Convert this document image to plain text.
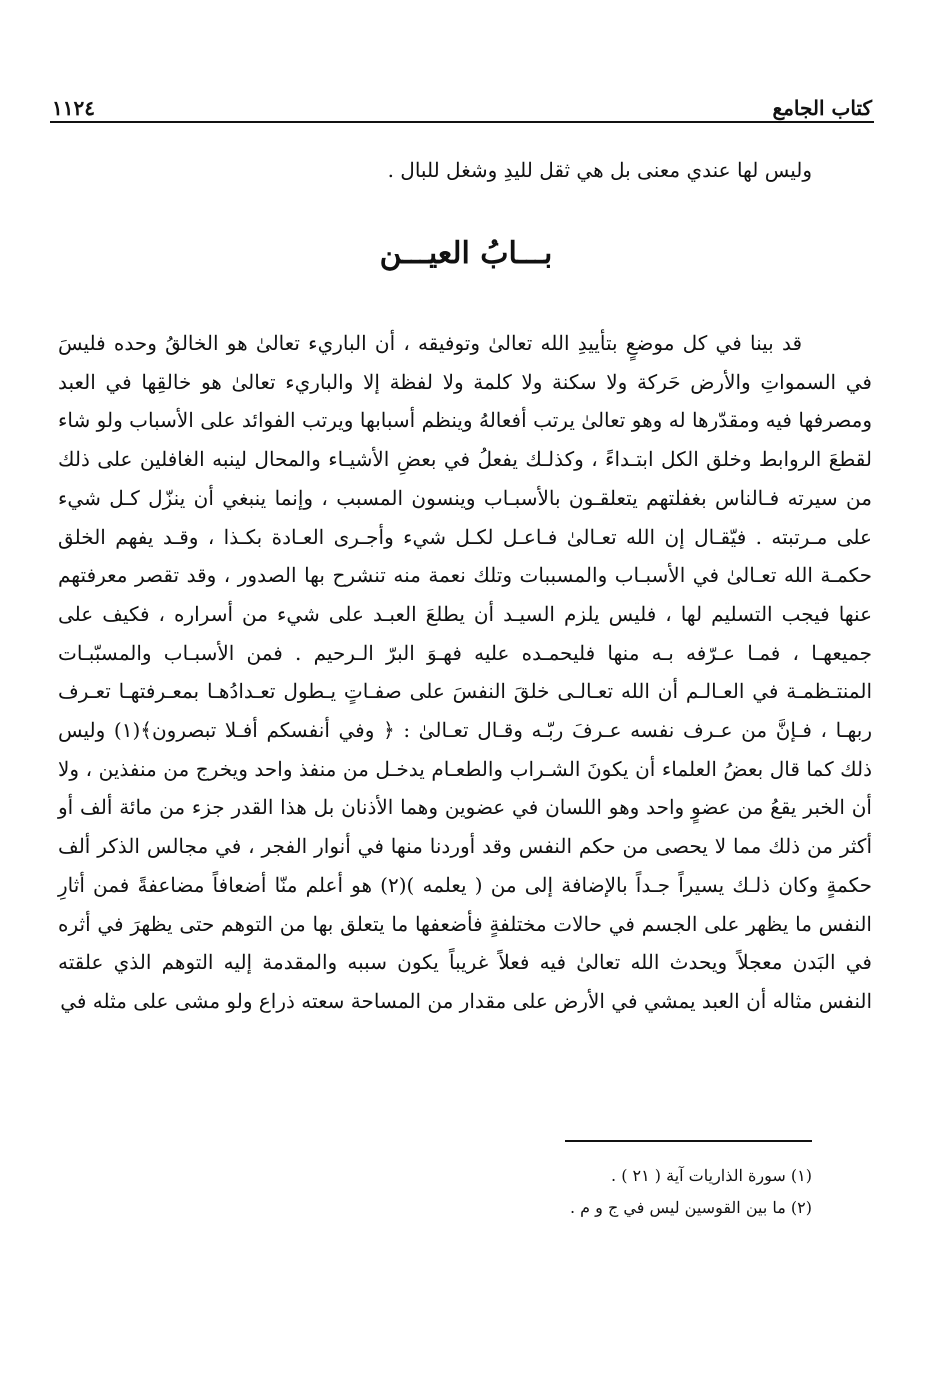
كتاب الجامع
١١٢٤
وليس لها عندي معنى بل هي ثقل لليدِ وشغل للبال .
بـــابُ العيـــن

قد بينا في كل موضعٍ بتأييدِ الله تعالىٰ وتوفيقه ، أن الباريء تعالىٰ هو الخالقُ وحده فليسَ في السمواتِ والأرض حَركة ولا سكنة ولا كلمة ولا لفظة إلا والباريء تعالىٰ هو خالقِها في العبد ومصرفها فيه ومقدّرها له وهو تعالىٰ يرتب أفعالهُ وينظم أسبابها ويرتب الفوائد على الأسباب ولو شاء لقطعَ الروابط وخلق الكل ابتـداءً ، وكذلـك يفعلُ في بعضِ الأشيـاء والمحال لينبه الغافلين على ذلك من سيرته فـالناس بغفلتهم يتعلقـون بالأسبـاب وينسون المسبب ، وإنما ينبغي أن ينزّل كـل شيء على مـرتبته . فيّقـال إن الله تعـالىٰ فـاعـل لكـل شيء وأجـرى العـادة بكـذا ، وقـد يفهم الخلق حكمـة الله تعـالىٰ في الأسبـاب والمسببات وتلك نعمة منه تنشرح بها الصدور ، وقد تقصر معرفتهم عنها فيجب التسليم لها ، فليس يلزم السيـد أن يطلعَ العبـد على شيء من أسراره ، فكيف على جميعهـا ، فمـا عـرّفه بـه منها فليحمـده عليه فهـوَ البرّ الـرحيم . فمن الأسبـاب والمسبّبـات المنتـظمـة في العـالـم أن الله تعـالـى خلقَ النفسَ على صفـاتٍ يـطول تعـدادُهـا بمعـرفتهـا تعـرف ربهـا ، فـإنَّ من عـرف نفسه عـرفَ ربّـه وقـال تعـالىٰ : ﴿ وفي أنفسكم أفـلا تبصرون﴾(١) وليس ذلك كما قال بعضُ العلماء أن يكونَ الشـراب والطعـام يدخـل من منفذ واحد ويخرج من منفذين ، ولا أن الخبر يقعُ من عضوٍ واحد وهو اللسان في عضوين وهما الأذنان بل هذا القدر جزء من مائة ألف أو أكثر من ذلك مما لا يحصى من حكم النفس وقد أوردنا منها في أنوار الفجر ، في مجالس الذكر ألف حكمةٍ وكان ذلـك يسيراً جـداً بالإضافة إلى من ( يعلمه )(٢) هو أعلم منّا أضعافاً مضاعفةً فمن أثارِ النفس ما يظهر على الجسم في حالات مختلفةٍ فأضعفها ما يتعلق بها من التوهم حتى يظهرَ في أثره في البَدن معجلاً ويحدث الله تعالىٰ فيه فعلاً غريباً يكون سببه والمقدمة إليه التوهم الذي علقته النفس مثاله أن العبد يمشي في الأرض على مقدار من المساحة سعته ذراع ولو مشى على مثله في

(١) سورة الذاريات آية ( ٢١ ) .
(٢) ما بين القوسين ليس في ج و م .
